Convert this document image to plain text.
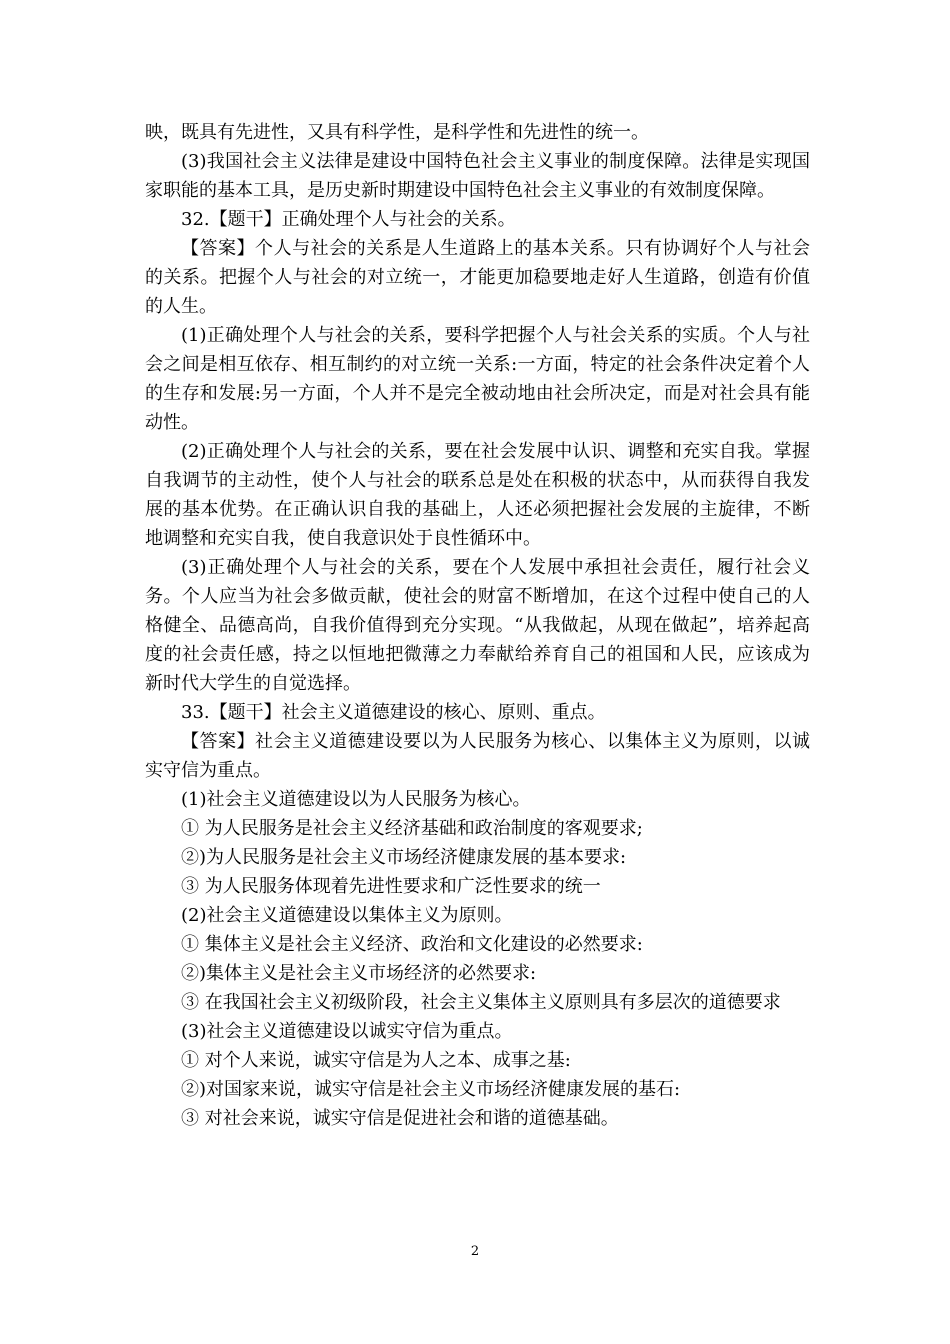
映，既具有先进性，又具有科学性，是科学性和先进性的统一。

(3)我国社会主义法律是建设中国特色社会主义事业的制度保障。法律是实现国家职能的基本工具，是历史新时期建设中国特色社会主义事业的有效制度保障。

32.【题干】正确处理个人与社会的关系。

【答案】个人与社会的关系是人生道路上的基本关系。只有协调好个人与社会的关系。把握个人与社会的对立统一，才能更加稳要地走好人生道路，创造有价值的人生。

(1)正确处理个人与社会的关系，要科学把握个人与社会关系的实质。个人与社会之间是相互依存、相互制约的对立统一关系:一方面，特定的社会条件决定着个人的生存和发展:另一方面，个人并不是完全被动地由社会所决定，而是对社会具有能动性。

(2)正确处理个人与社会的关系，要在社会发展中认识、调整和充实自我。掌握自我调节的主动性，使个人与社会的联系总是处在积极的状态中，从而获得自我发展的基本优势。在正确认识自我的基础上，人还必须把握社会发展的主旋律，不断地调整和充实自我，使自我意识处于良性循环中。

(3)正确处理个人与社会的关系，要在个人发展中承担社会责任，履行社会义务。个人应当为社会多做贡献，使社会的财富不断增加，在这个过程中使自己的人格健全、品德高尚，自我价值得到充分实现。“从我做起，从现在做起”，培养起高度的社会责任感，持之以恒地把微薄之力奉献给养育自己的祖国和人民，应该成为新时代大学生的自觉选择。

33.【题干】社会主义道德建设的核心、原则、重点。

【答案】社会主义道德建设要以为人民服务为核心、以集体主义为原则，以诚实守信为重点。

(1)社会主义道德建设以为人民服务为核心。

① 为人民服务是社会主义经济基础和政治制度的客观要求;

②)为人民服务是社会主义市场经济健康发展的基本要求:

③ 为人民服务体现着先进性要求和广泛性要求的统一

(2)社会主义道德建设以集体主义为原则。

① 集体主义是社会主义经济、政治和文化建设的必然要求:

②)集体主义是社会主义市场经济的必然要求:

③ 在我国社会主义初级阶段，社会主义集体主义原则具有多层次的道德要求

(3)社会主义道德建设以诚实守信为重点。

① 对个人来说，诚实守信是为人之本、成事之基:

②)对国家来说，诚实守信是社会主义市场经济健康发展的基石:

③ 对社会来说，诚实守信是促进社会和谐的道德基础。

2
